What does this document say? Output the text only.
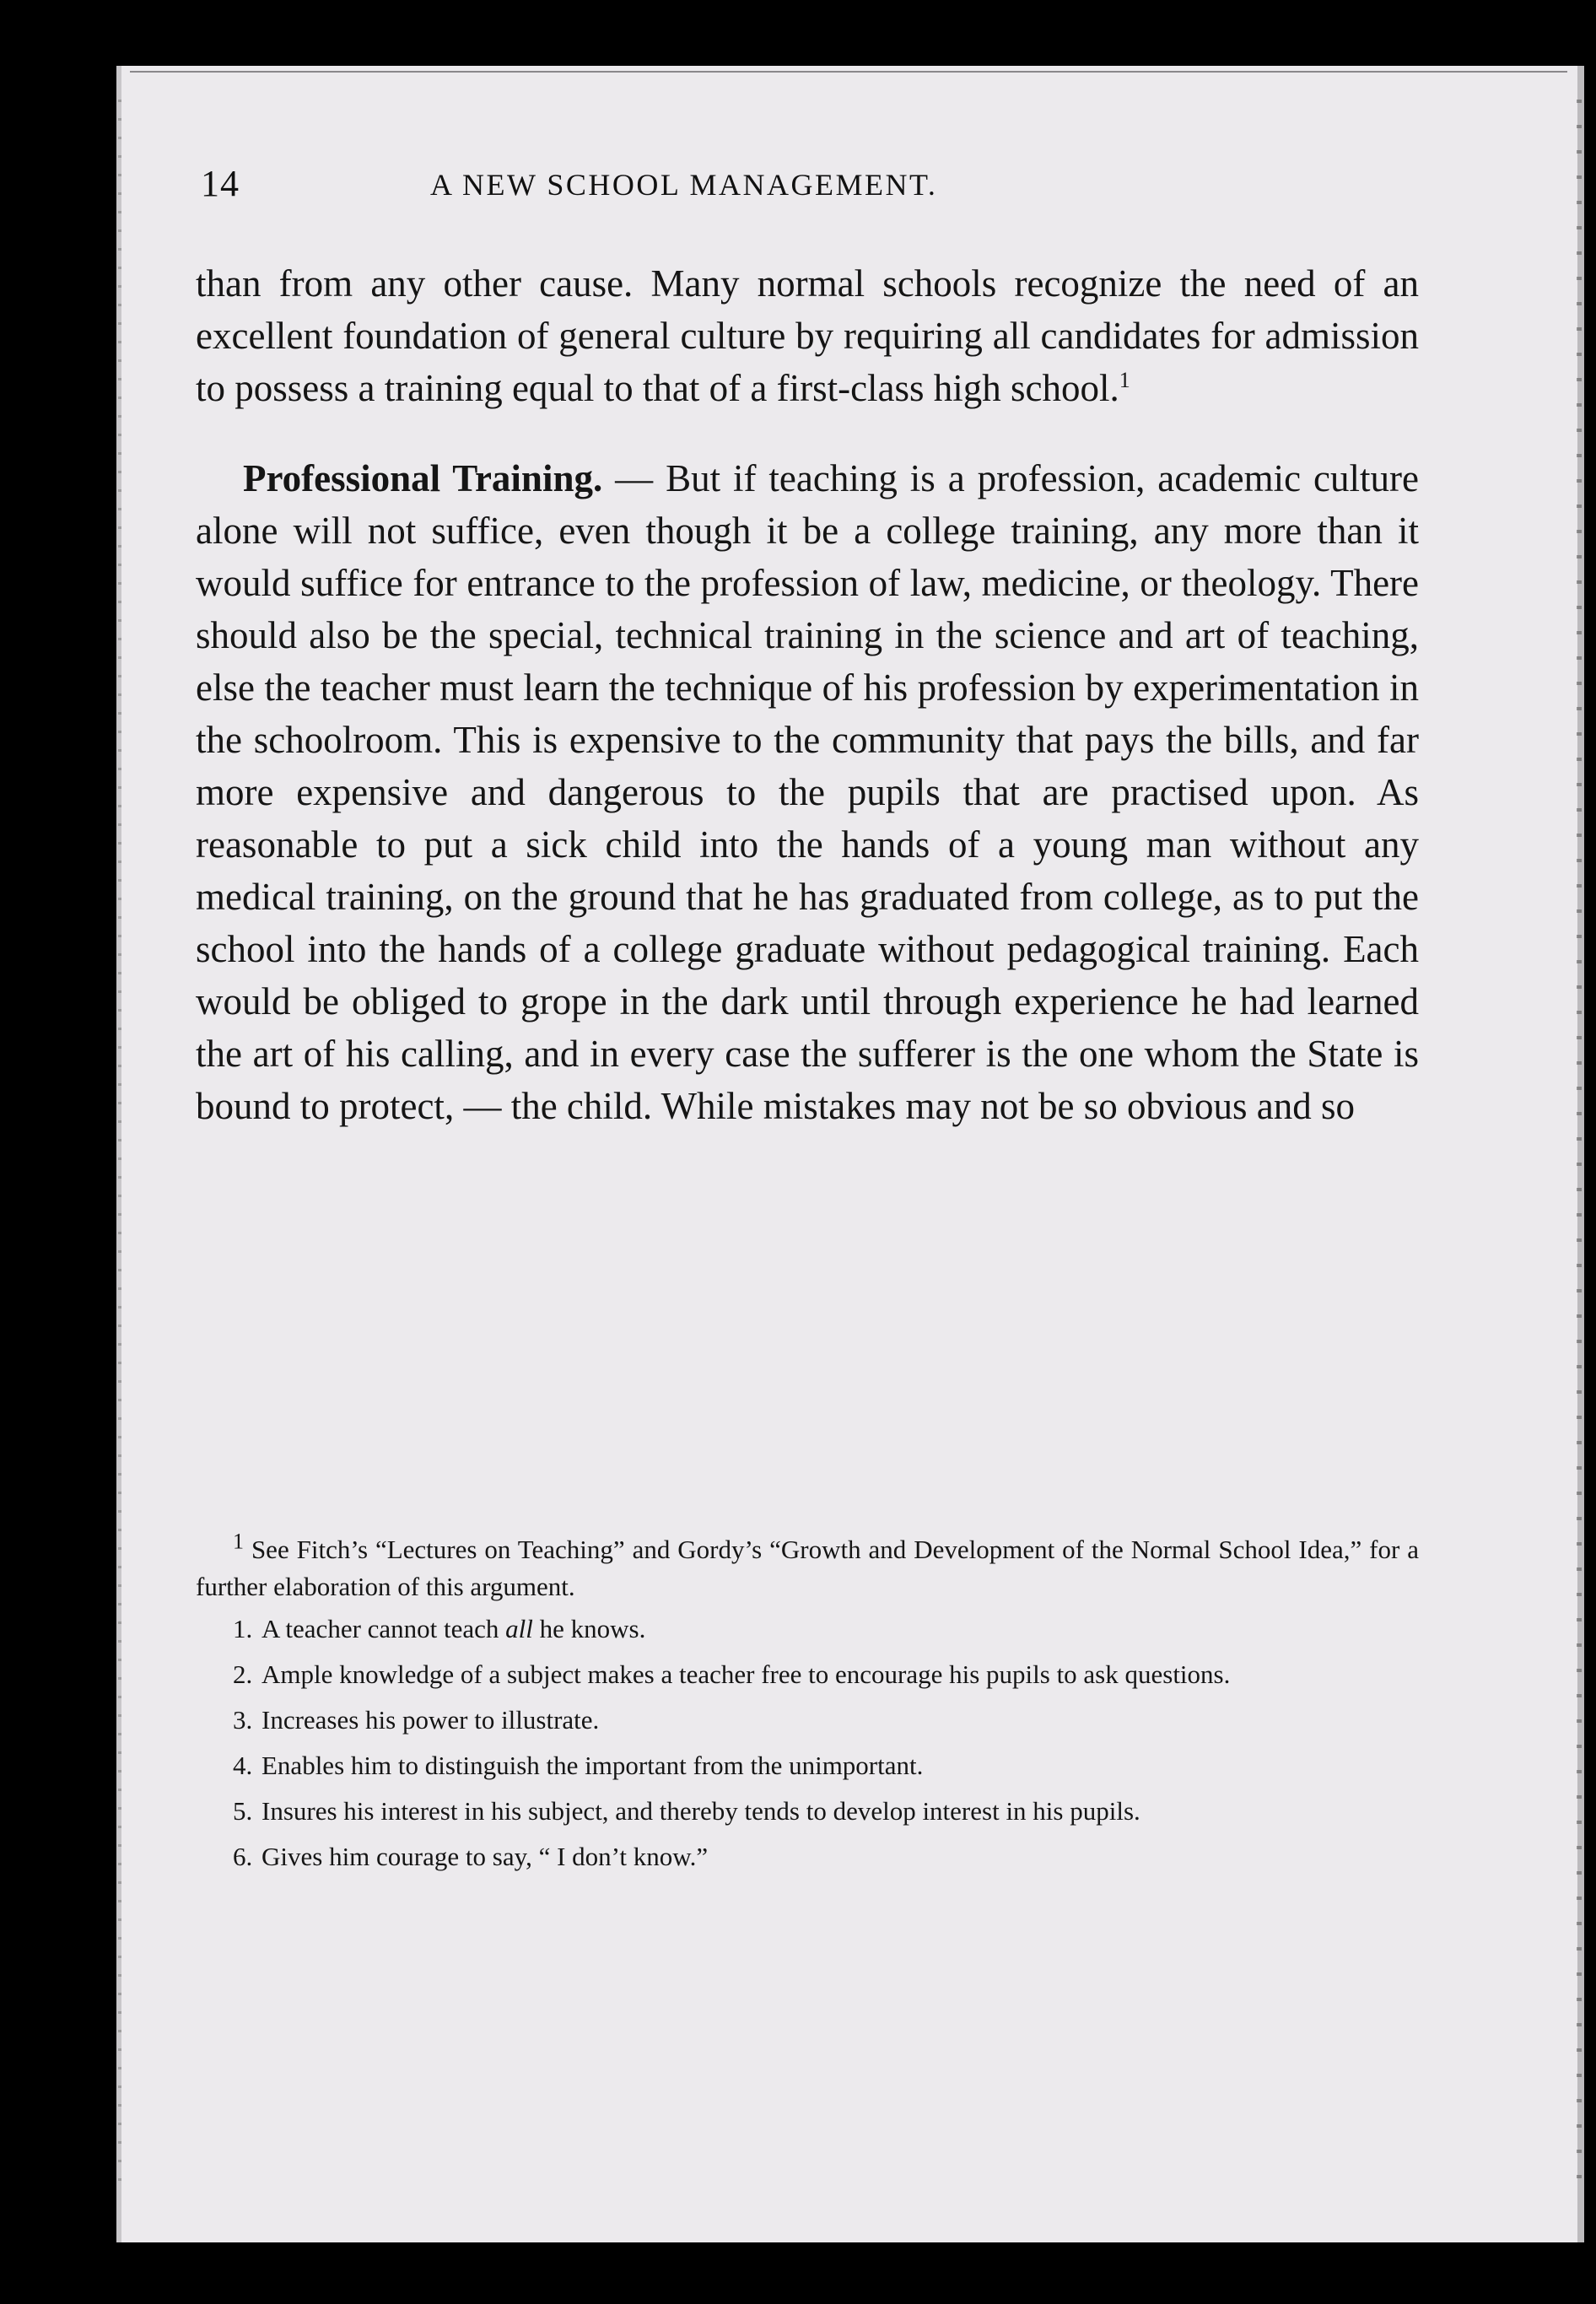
14	A NEW SCHOOL MANAGEMENT.

than from any other cause. Many normal schools recognize the need of an excellent foundation of general culture by requiring all candidates for admission to possess a training equal to that of a first-class high school.$^1$

Professional Training. — But if teaching is a profession, academic culture alone will not suffice, even though it be a college training, any more than it would suffice for entrance to the profession of law, medicine, or theology. There should also be the special, technical training in the science and art of teaching, else the teacher must learn the technique of his profession by experimentation in the schoolroom. This is expensive to the community that pays the bills, and far more expensive and dangerous to the pupils that are practised upon. As reasonable to put a sick child into the hands of a young man without any medical training, on the ground that he has graduated from college, as to put the school into the hands of a college graduate without pedagogical training. Each would be obliged to grope in the dark until through experience he had learned the art of his calling, and in every case the sufferer is the one whom the State is bound to protect, — the child. While mistakes may not be so obvious and so

$^1$ See Fitch’s “Lectures on Teaching” and Gordy’s “Growth and Development of the Normal School Idea,” for a further elaboration of this argument.

1. A teacher cannot teach all he knows.

2. Ample knowledge of a subject makes a teacher free to encourage his pupils to ask questions.

3. Increases his power to illustrate.

4. Enables him to distinguish the important from the unimportant.

5. Insures his interest in his subject, and thereby tends to develop interest in his pupils.

6. Gives him courage to say, “ I don’t know.”
